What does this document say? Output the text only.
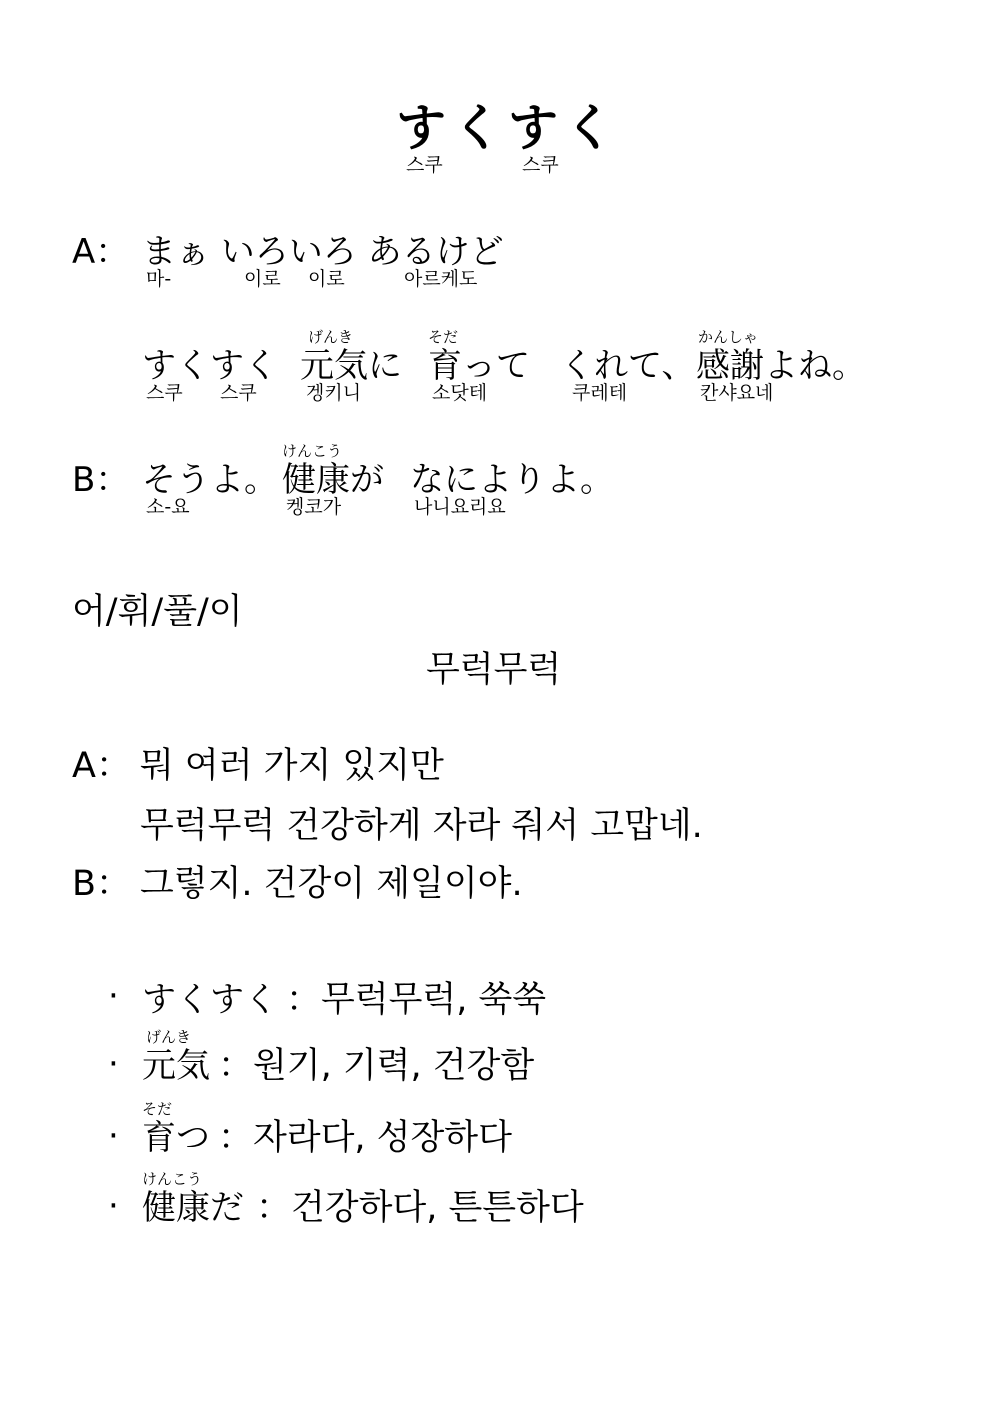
すくすく
스쿠	스쿠
A： まぁ いろいろ あるけど
마-	이로 이로	아르케도
げんき	そだ	かんしゃ
すくすく 元気 に 育 って くれて、 感謝 よね。
스쿠 스쿠	겡키니	소닷테	쿠레테	칸샤요네
けんこう
B： そうよ。 健康 が なによりよ。
소-요	켕코가	나니요리요
어/휘/풀/이
무럭무럭
A： 뭐 여러 가지 있지만
무럭무럭 건강하게 자라 줘서 고맙네.
B： 그렇지. 건강이 제일이야.
· すくすく ：무럭무럭, 쑥쑥
げんき
· 元気 ：원기, 기력, 건강함
そだ
· 育つ ：자라다, 성장하다
けんこう
· 健康だ ：건강하다, 튼튼하다
